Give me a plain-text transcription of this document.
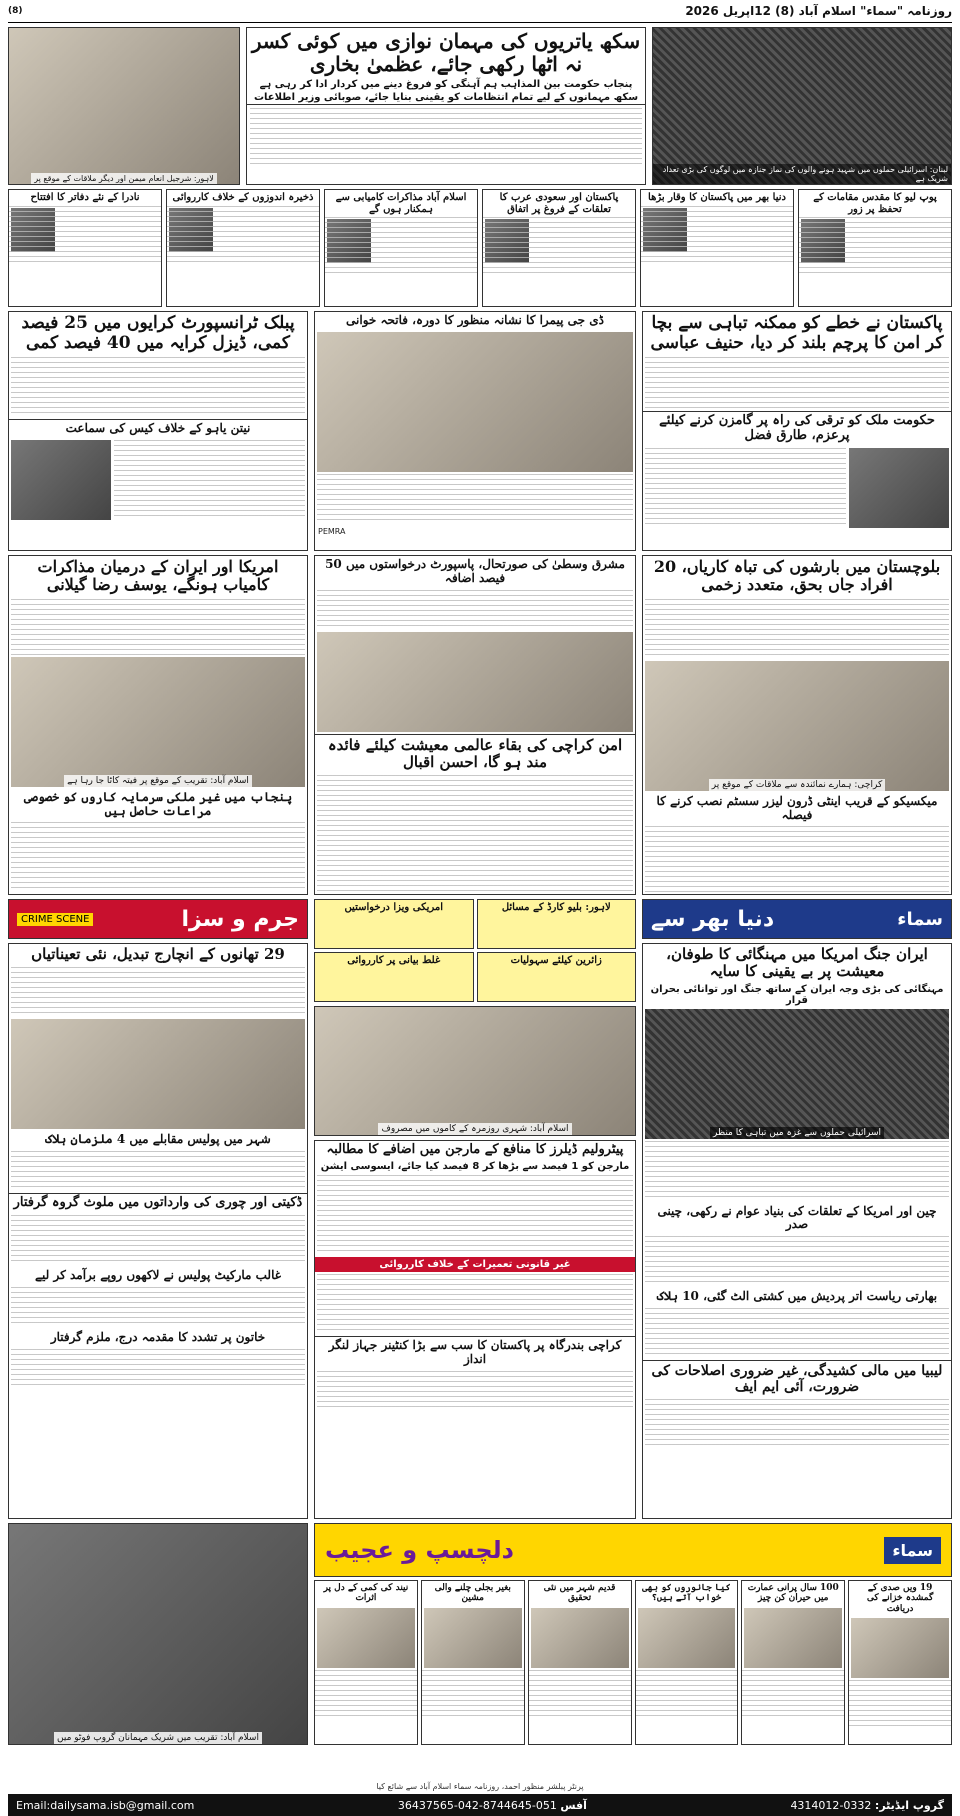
روزنامہ "سماء" اسلام آباد (8) 12اپریل 2026
(8)
لبنان: اسرائیلی حملوں میں شہید ہونے والوں کی نماز جنازہ میں لوگوں کی بڑی تعداد شریک ہے
سکھ یاتریوں کی مہمان نوازی میں کوئی کسر نہ اٹھا رکھی جائے، عظمیٰ بخاری
پنجاب حکومت بین المذاہب ہم آہنگی کو فروغ دینے میں کردار ادا کر رہی ہے
سکھ مہمانوں کے لیے تمام انتظامات کو یقینی بنایا جائے، صوبائی وزیر اطلاعات
لاہور: شرجیل انعام میمن اور دیگر ملاقات کے موقع پر
پوپ لیو کا مقدس مقامات کے تحفظ پر زور
دنیا بھر میں پاکستان کا وقار بڑھا
پاکستان اور سعودی عرب کا تعلقات کے فروغ پر اتفاق
اسلام آباد مذاکرات کامیابی سے ہمکنار ہوں گے
ذخیرہ اندوزوں کے خلاف کارروائی
نادرا کے نئے دفاتر کا افتتاح
پاکستان نے خطے کو ممکنہ تباہی سے بچا کر امن کا پرچم بلند کر دیا، حنیف عباسی
حکومت ملک کو ترقی کی راہ پر گامزن کرنے کیلئے پرعزم، طارق فضل
ڈی جی پیمرا کا نشانہ منظور کا دورہ، فاتحہ خوانی
PEMRA
پبلک ٹرانسپورٹ کرایوں میں 25 فیصد کمی، ڈیزل کرایہ میں 40 فیصد کمی
نیتن یاہو کے خلاف کیس کی سماعت
بلوچستان میں بارشوں کی تباہ کاریاں، 20 افراد جاں بحق، متعدد زخمی
کراچی: ہمارے نمائندہ سے ملاقات کے موقع پر
میکسیکو کے قریب اینٹی ڈرون لیزر سسٹم نصب کرنے کا فیصلہ
مشرق وسطیٰ کی صورتحال، پاسپورٹ درخواستوں میں 50 فیصد اضافہ
امن کراچی کی بقاء عالمی معیشت کیلئے فائدہ مند ہو گا، احسن اقبال
امریکا اور ایران کے درمیان مذاکرات کامیاب ہونگے، یوسف رضا گیلانی
اسلام آباد: تقریب کے موقع پر فیتہ کاٹا جا رہا ہے
پنجاب میں غیر ملکی سرمایہ کاروں کو خصوصی مراعات حاصل ہیں
سماء
دنیا بھر سے
ایران جنگ امریکا میں مہنگائی کا طوفان، معیشت پر بے یقینی کا سایہ
مہنگائی کی بڑی وجہ ایران کے ساتھ جنگ اور توانائی بحران قرار
اسرائیلی حملوں سے غزہ میں تباہی کا منظر
چین اور امریکا کے تعلقات کی بنیاد عوام نے رکھی، چینی صدر
بھارتی ریاست اتر پردیش میں کشتی الٹ گئی، 10 ہلاک
لیبیا میں مالی کشیدگی، غیر ضروری اصلاحات کی ضرورت، آئی ایم ایف
لاہور: بلیو کارڈ کے مسائل
امریکی ویزا درخواستیں
زائرین کیلئے سہولیات
غلط بیانی پر کارروائی
اسلام آباد: شہری روزمرہ کے کاموں میں مصروف
پیٹرولیم ڈیلرز کا منافع کے مارجن میں اضافے کا مطالبہ
مارجن کو 1 فیصد سے بڑھا کر 8 فیصد کیا جائے، ایسوسی ایشن
غیر قانونی تعمیرات کے خلاف کارروائی
کراچی بندرگاہ پر پاکستان کا سب سے بڑا کنٹینر جہاز لنگر انداز
جرم و سزا
CRIME SCENE
29 تھانوں کے انچارج تبدیل، نئی تعیناتیاں
شہر میں پولیس مقابلے میں 4 ملزمان ہلاک
ڈکیتی اور چوری کی وارداتوں میں ملوث گروہ گرفتار
غالب مارکیٹ پولیس نے لاکھوں روپے برآمد کر لیے
خاتون پر تشدد کا مقدمہ درج، ملزم گرفتار
سماء
دلچسپ و عجیب
19 ویں صدی کے گمشدہ خزانے کی دریافت
100 سال پرانی عمارت میں حیران کن چیز
کیا جانوروں کو بھی خواب آتے ہیں؟
قدیم شہر میں نئی تحقیق
بغیر بجلی چلنے والی مشین
نیند کی کمی کے دل پر اثرات
اسلام آباد: تقریب میں شریک مہمانان گروپ فوٹو میں
پرنٹر پبلشر منظور احمد، روزنامہ سماء اسلام آباد سے شائع کیا
گروپ ایڈیٹر: 0332-4314012
آفس 051-8744645-042-36437565
Email:dailysama.isb@gmail.com
